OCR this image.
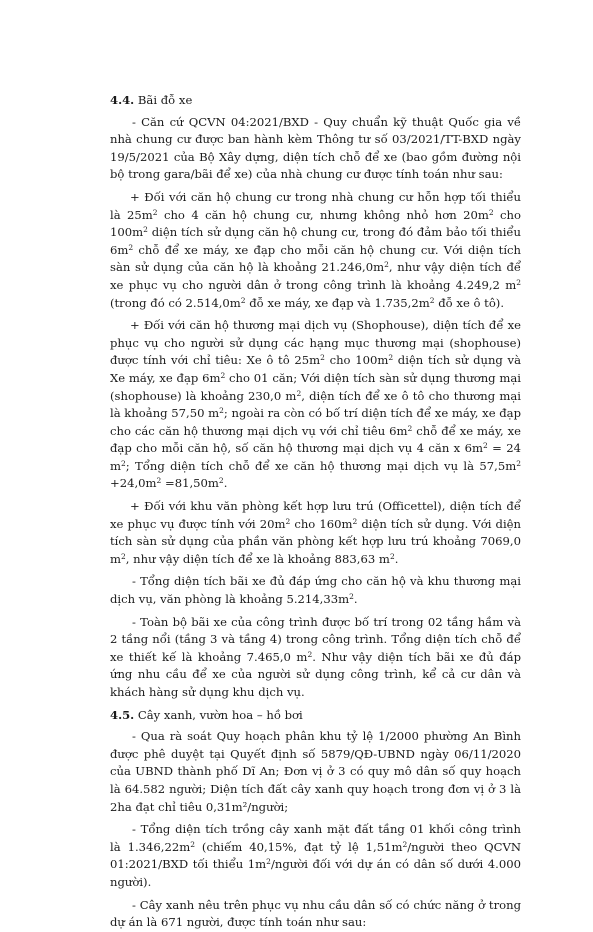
4.4. Bãi đỗ xe

- Căn cứ QCVN 04:2021/BXD - Quy chuẩn kỹ thuật Quốc gia về nhà chung cư được ban hành kèm Thông tư số 03/2021/TT-BXD ngày 19/5/2021 của Bộ Xây dựng, diện tích chỗ để xe (bao gồm đường nội bộ trong gara/bãi để xe) của nhà chung cư được tính toán như sau:

+ Đối với căn hộ chung cư trong nhà chung cư hỗn hợp tối thiểu là $25m^2$ cho 4 căn hộ chung cư, nhưng không nhỏ hơn $20m^2$ cho $100m^2$ diện tích sử dụng căn hộ chung cư, trong đó đảm bảo tối thiểu $6m^2$ chỗ để xe máy, xe đạp cho mỗi căn hộ chung cư. Với diện tích sàn sử dụng của căn hộ là khoảng $21.246,0m^2$, như vậy diện tích để xe phục vụ cho người dân ở trong công trình là khoảng 4.249,2 $m^2$ (trong đó có $2.514,0m^2$ đỗ xe máy, xe đạp và $1.735,2m^2$ đỗ xe ô tô).

+ Đối với căn hộ thương mại dịch vụ (Shophouse), diện tích để xe phục vụ cho người sử dụng các hạng mục thương mại (shophouse) được tính với chỉ tiêu: Xe ô tô $25m^2$ cho $100m^2$ diện tích sử dụng và Xe máy, xe đạp $6m^2$ cho 01 căn; Với diện tích sàn sử dụng thương mại (shophouse) là khoảng 230,0 $m^2$, diện tích để xe ô tô cho thương mại là khoảng 57,50 $m^2$; ngoài ra còn có bố trí diện tích để xe máy, xe đạp cho các căn hộ thương mại dịch vụ với chỉ tiêu $6m^2$ chỗ để xe máy, xe đạp cho mỗi căn hộ, số căn hộ thương mại dịch vụ 4 căn x $6m^2 = 24$ $m^2$; Tổng diện tích chỗ để xe căn hộ thương mại dịch vụ là $57,5m^2 +24,0m^2 =81,50m^2$.

+ Đối với khu văn phòng kết hợp lưu trú (Officettel), diện tích để xe phục vụ được tính với $20m^2$ cho $160m^2$ diện tích sử dụng. Với diện tích sàn sử dụng của phần văn phòng kết hợp lưu trú khoảng 7069,0 $m^2$, như vậy diện tích để xe là khoảng 883,63 $m^2$.

- Tổng diện tích bãi xe đủ đáp ứng cho căn hộ và khu thương mại dịch vụ, văn phòng là khoảng $5.214,33m^2$.

- Toàn bộ bãi xe của công trình được bố trí trong 02 tầng hầm và 2 tầng nổi (tầng 3 và tầng 4) trong công trình. Tổng diện tích chỗ để xe thiết kế là khoảng 7.465,0 $m^2$. Như vậy diện tích bãi xe đủ đáp ứng nhu cầu để xe của người sử dụng công trình, kể cả cư dân và khách hàng sử dụng khu dịch vụ.

4.5. Cây xanh, vườn hoa – hồ bơi

- Qua rà soát Quy hoạch phân khu tỷ lệ 1/2000 phường An Bình được phê duyệt tại Quyết định số 5879/QĐ-UBND ngày 06/11/2020 của UBND thành phố Dĩ An; Đơn vị ở 3 có quy mô dân số quy hoạch là 64.582 người; Diện tích đất cây xanh quy hoạch trong đơn vị ở 3 là 2ha đạt chỉ tiêu 0,31m²/người;

- Tổng diện tích trồng cây xanh mặt đất tầng 01 khối công trình là $1.346,22m^2$ (chiếm 40,15%, đạt tỷ lệ $1,51m^2$/người theo QCVN 01:2021/BXD tối thiểu $1m^2$/người đối với dự án có dân số dưới 4.000 người).

- Cây xanh nêu trên phục vụ nhu cầu dân số có chức năng ở trong dự án là 671 người, được tính toán như sau:
